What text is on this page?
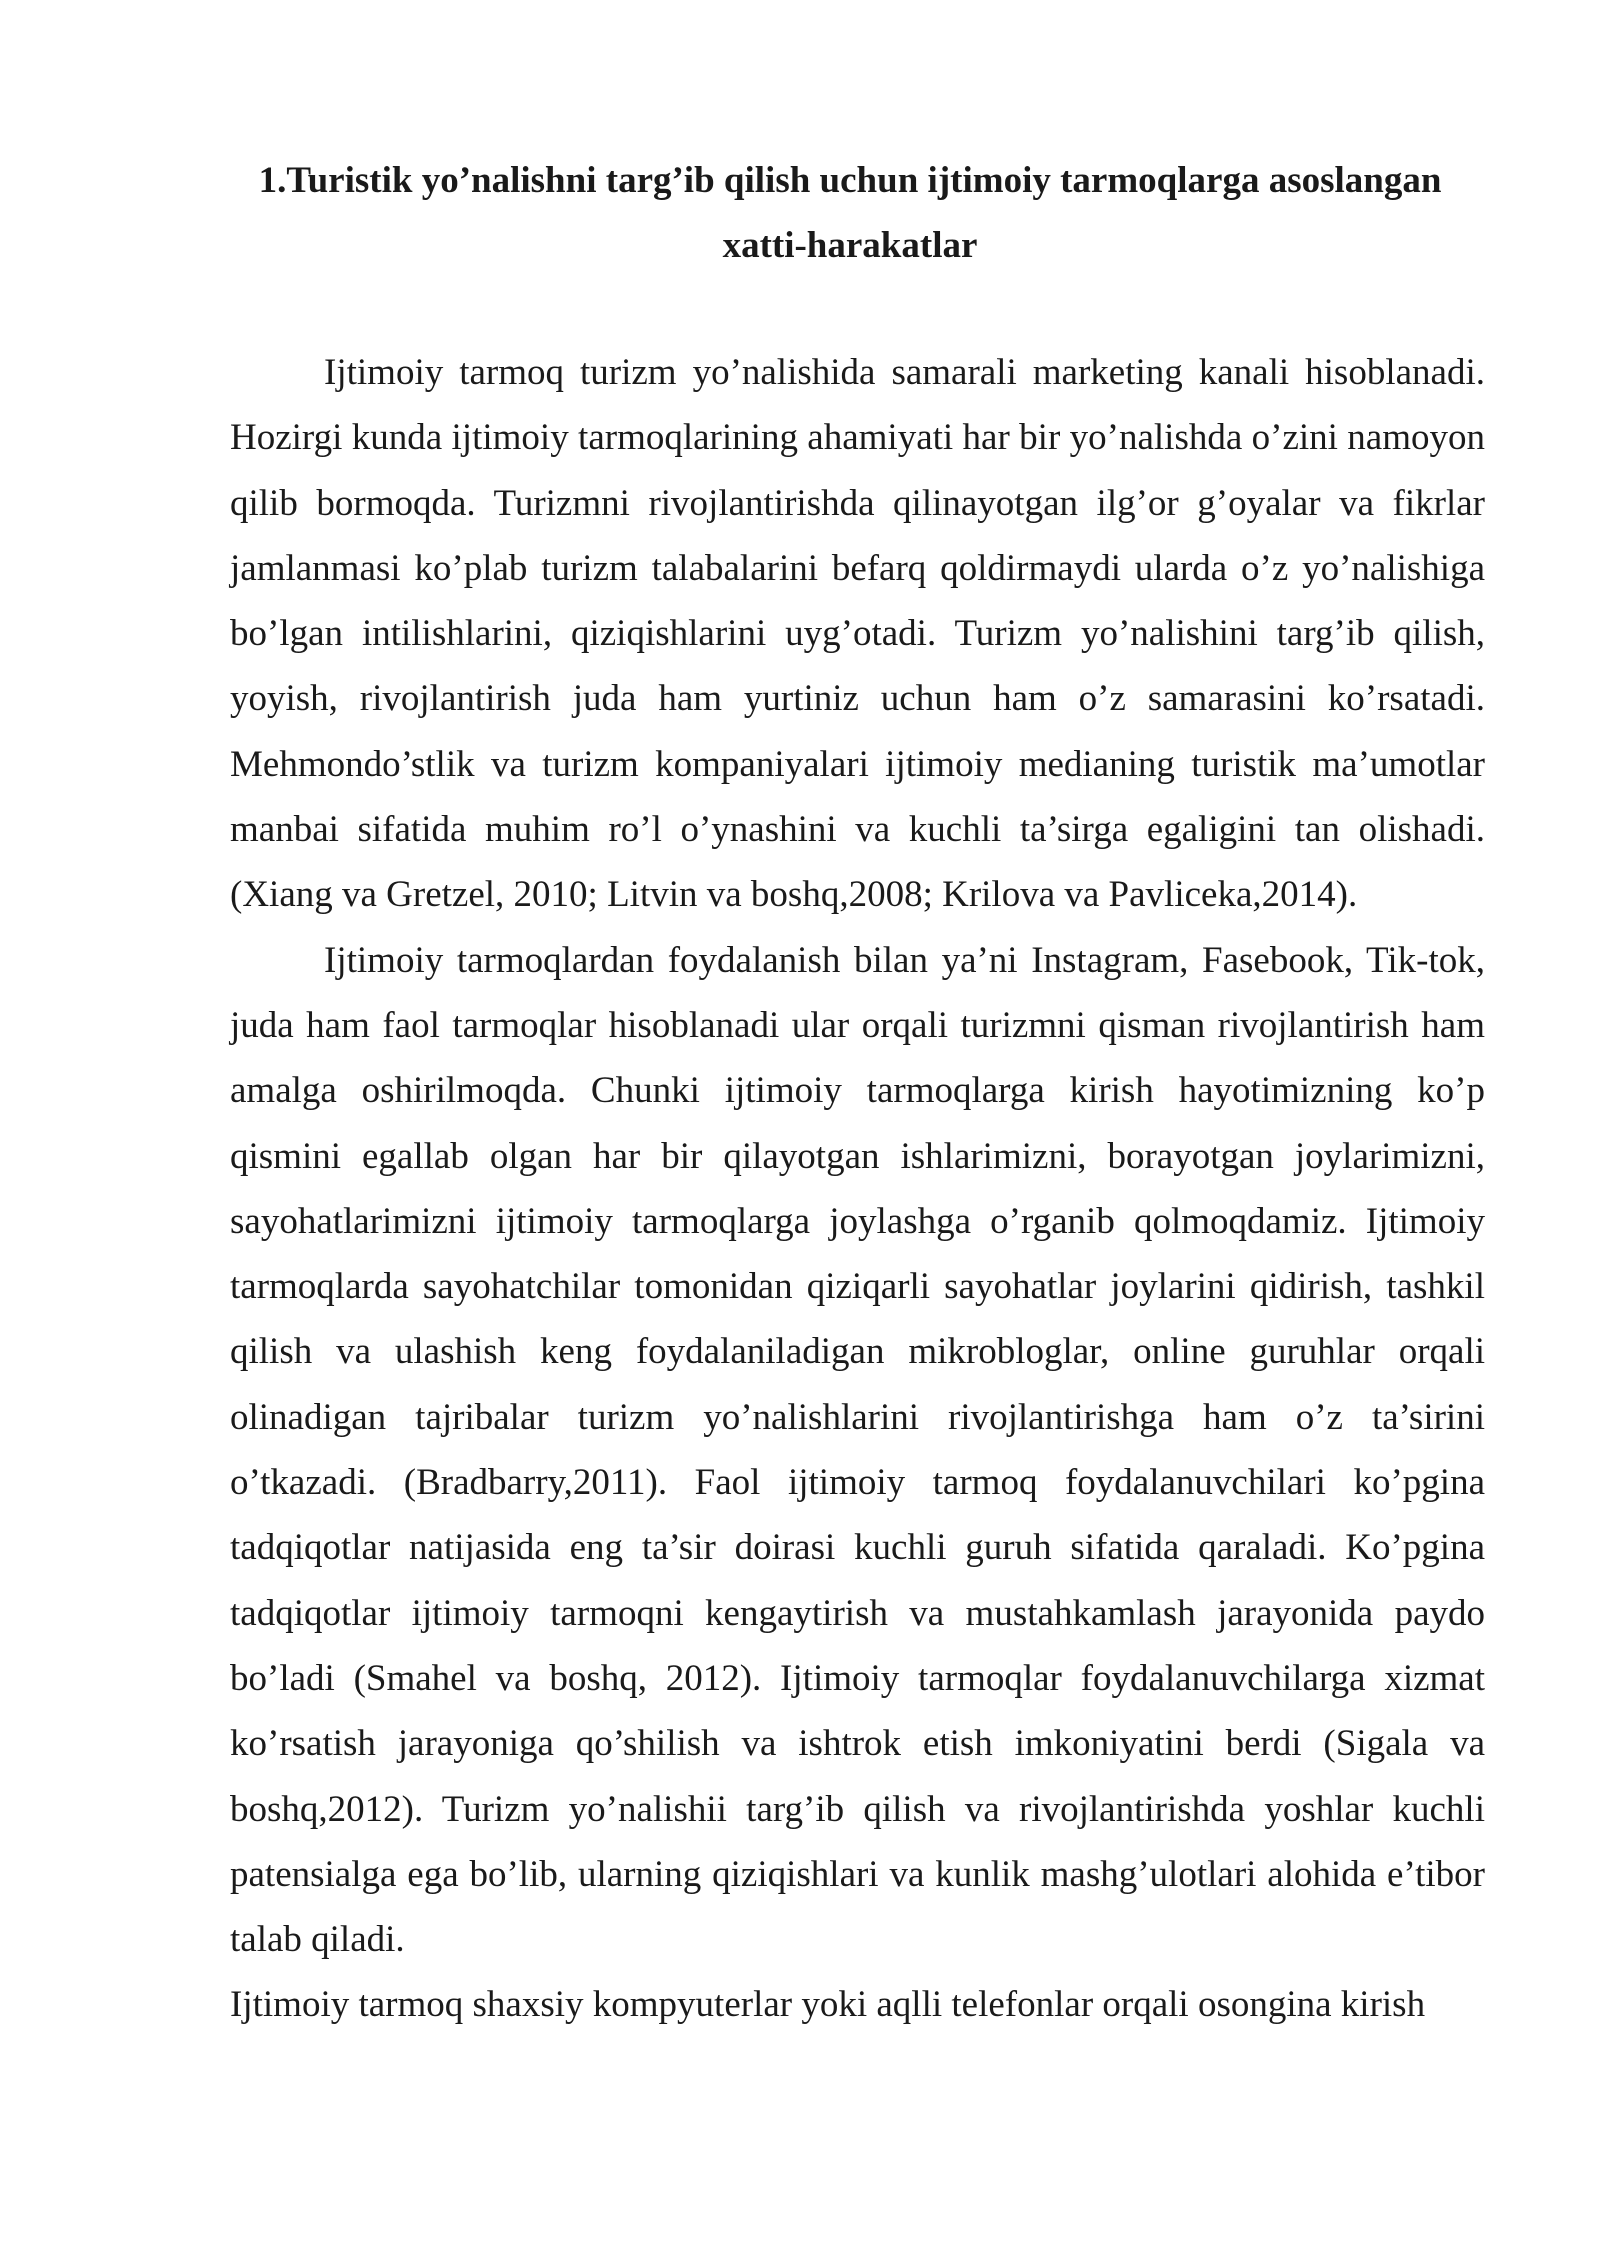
1.Turistik yo’nalishni targ’ib qilish uchun ijtimoiy tarmoqlarga asoslangan xatti-harakatlar

Ijtimoiy tarmoq turizm yo’nalishida samarali marketing kanali hisoblanadi. Hozirgi kunda ijtimoiy tarmoqlarining ahamiyati har bir yo’nalishda o’zini namoyon qilib bormoqda. Turizmni rivojlantirishda qilinayotgan ilg’or g’oyalar va fikrlar jamlanmasi ko’plab turizm talabalarini befarq qoldirmaydi ularda o’z yo’nalishiga bo’lgan intilishlarini, qiziqishlarini uyg’otadi. Turizm yo’nalishini targ’ib qilish, yoyish, rivojlantirish juda ham yurtiniz uchun ham o’z samarasini ko’rsatadi. Mehmondo’stlik va turizm kompaniyalari ijtimoiy medianing turistik ma’umotlar manbai sifatida muhim ro’l o’ynashini va kuchli ta’sirga egaligini tan olishadi. (Xiang va Gretzel, 2010; Litvin va boshq,2008; Krilova va Pavliceka,2014).

Ijtimoiy tarmoqlardan foydalanish bilan ya’ni Instagram, Fasebook, Tik-tok, juda ham faol tarmoqlar hisoblanadi ular orqali turizmni qisman rivojlantirish ham amalga oshirilmoqda. Chunki ijtimoiy tarmoqlarga kirish hayotimizning ko’p qismini egallab olgan har bir qilayotgan ishlarimizni, borayotgan joylarimizni, sayohatlarimizni ijtimoiy tarmoqlarga joylashga o’rganib qolmoqdamiz. Ijtimoiy tarmoqlarda sayohatchilar tomonidan qiziqarli sayohatlar joylarini qidirish, tashkil qilish va ulashish keng foydalaniladigan mikrobloglar, online guruhlar orqali olinadigan tajribalar turizm yo’nalishlarini rivojlantirishga ham o’z ta’sirini o’tkazadi. (Bradbarry,2011). Faol ijtimoiy tarmoq foydalanuvchilari ko’pgina tadqiqotlar natijasida eng ta’sir doirasi kuchli guruh sifatida qaraladi. Ko’pgina tadqiqotlar ijtimoiy tarmoqni kengaytirish va mustahkamlash jarayonida paydo bo’ladi (Smahel va boshq, 2012). Ijtimoiy tarmoqlar foydalanuvchilarga xizmat ko’rsatish jarayoniga qo’shilish va ishtrok etish imkoniyatini berdi (Sigala va boshq,2012). Turizm yo’nalishii targ’ib qilish va rivojlantirishda yoshlar kuchli patensialga ega bo’lib, ularning qiziqishlari va kunlik mashg’ulotlari alohida e’tibor talab qiladi.

Ijtimoiy tarmoq shaxsiy kompyuterlar yoki aqlli telefonlar orqali osongina kirish
